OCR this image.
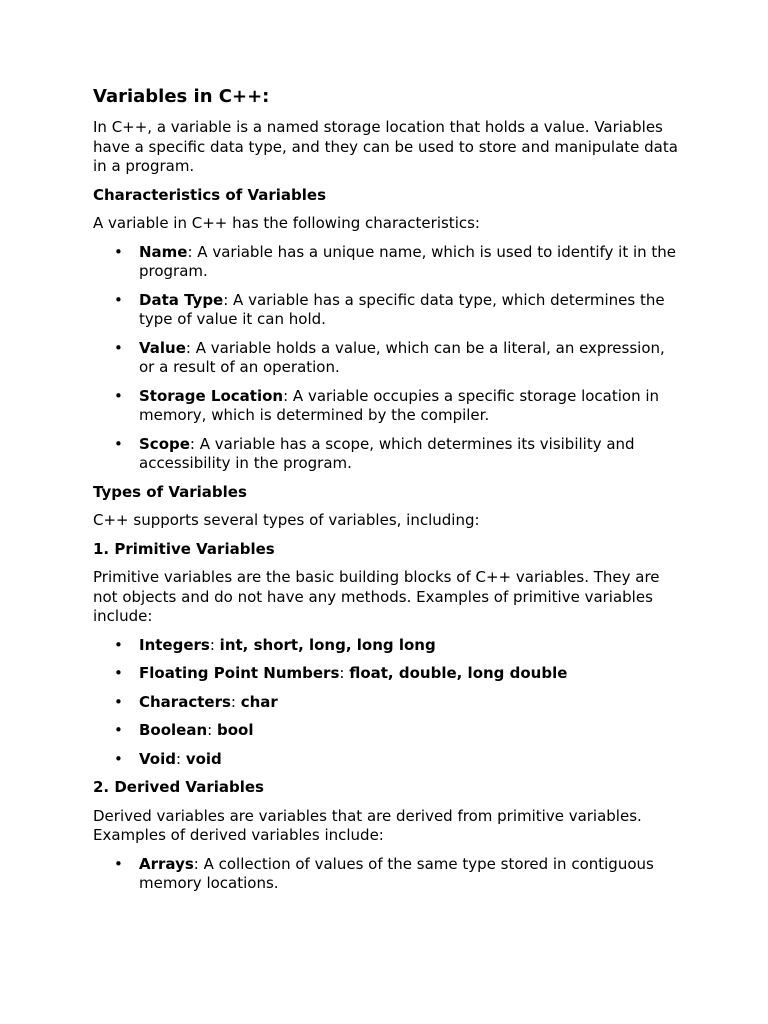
Variables in C++:

In C++, a variable is a named storage location that holds a value. Variables have a specific data type, and they can be used to store and manipulate data in a program.

Characteristics of Variables

A variable in C++ has the following characteristics:

• Name: A variable has a unique name, which is used to identify it in the program.
• Data Type: A variable has a specific data type, which determines the type of value it can hold.
• Value: A variable holds a value, which can be a literal, an expression, or a result of an operation.
• Storage Location: A variable occupies a specific storage location in memory, which is determined by the compiler.
• Scope: A variable has a scope, which determines its visibility and accessibility in the program.
Types of Variables

C++ supports several types of variables, including:

1. Primitive Variables

Primitive variables are the basic building blocks of C++ variables. They are not objects and do not have any methods. Examples of primitive variables include:

• Integers: int, short, long, long long
• Floating Point Numbers: float, double, long double
• Characters: char
• Boolean: bool
• Void: void
2. Derived Variables

Derived variables are variables that are derived from primitive variables. Examples of derived variables include:

• Arrays: A collection of values of the same type stored in contiguous memory locations.
